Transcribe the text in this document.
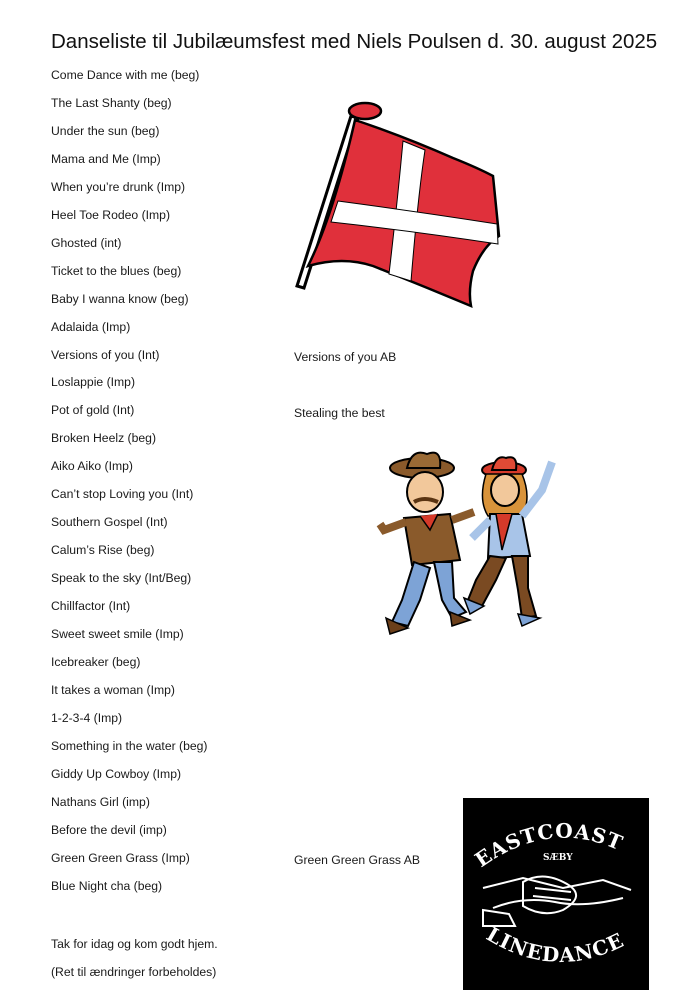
Danseliste til Jubilæumsfest med Niels Poulsen d. 30. august 2025
Come Dance with me (beg)
The Last Shanty (beg)
Under the sun (beg)
Mama and Me (Imp)
When you’re drunk (Imp)
Heel Toe Rodeo (Imp)
Ghosted (int)
Ticket to the blues (beg)
Baby I wanna know (beg)
Adalaida (Imp)
Versions of you (Int)
Loslappie (Imp)
Pot of gold (Int)
Broken Heelz (beg)
Aiko Aiko (Imp)
Can’t stop Loving you (Int)
Southern Gospel (Int)
Calum’s Rise (beg)
Speak to the sky (Int/Beg)
Chillfactor (Int)
Sweet sweet smile (Imp)
Icebreaker (beg)
It takes a woman (Imp)
1-2-3-4 (Imp)
Something in the water (beg)
Giddy Up Cowboy (Imp)
Nathans Girl (imp)
Before the devil (imp)
Green Green Grass (Imp)
Blue Night cha (beg)
Versions of you AB
Stealing the best
Green Green Grass AB
Tak for idag og kom godt hjem.
(Ret til ændringer forbeholdes)
EASTCOAST
SÆBY
LINEDANCE
